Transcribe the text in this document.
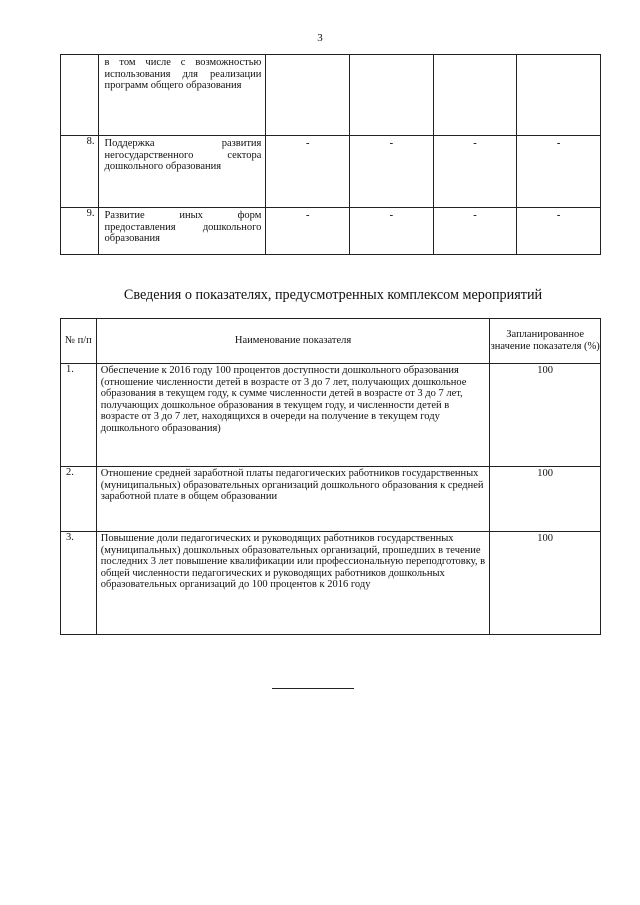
3
	в том числе с возможностью использования для реализации программ общего образования				
8.	Поддержка развития негосударственного сектора дошкольного образования	-	-	-	-
9.	Развитие иных форм предоставления дошкольного образования	-	-	-	-
Сведения о показателях, предусмотренных комплексом мероприятий
№ п/п	Наименование показателя	Запланированное значение показателя (%)
1.	Обеспечение к 2016 году 100 процентов доступности дошкольного образования (отношение численности детей в возрасте от 3 до 7 лет, получающих дошкольное образования в текущем году, к сумме численности детей в возрасте от 3 до 7 лет, получающих дошкольное образования в текущем году, и численности детей в возрасте от 3 до 7 лет, находящихся в очереди на получение в текущем году дошкольного образования)	100
2.	Отношение средней заработной платы педагогических работников государственных (муниципальных) образовательных организаций дошкольного образования к средней заработной плате в общем образовании	100
3.	Повышение доли педагогических и руководящих работников государственных (муниципальных) дошкольных образовательных организаций, прошедших в течение последних 3 лет повышение квалификации или профессиональную переподготовку, в общей численности педагогических и руководящих работников дошкольных образовательных организаций до 100 процентов к 2016 году	100
